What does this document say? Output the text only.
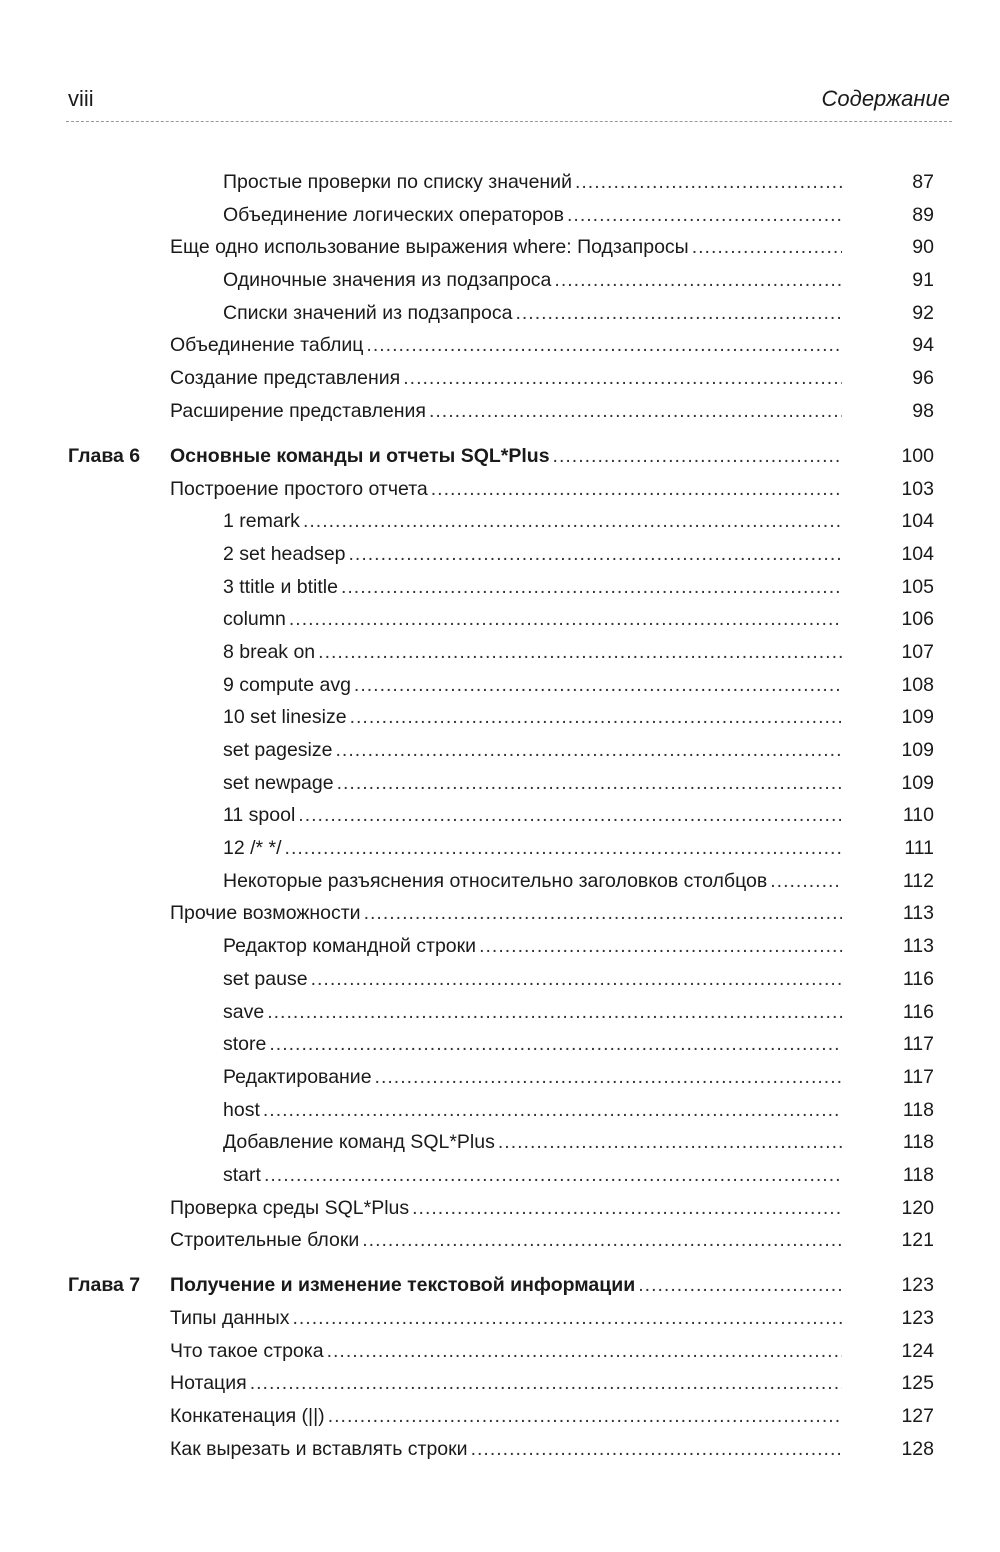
viii	Содержание
Простые проверки по списку значений .....	87
Объединение логических операторов .....	89
Еще одно использование выражения where: Подзапросы .....	90
Одиночные значения из подзапроса .....	91
Списки значений из подзапроса .....	92
Объединение таблиц .....	94
Создание представления .....	96
Расширение представления .....	98
Глава 6 Основные команды и отчеты SQL*Plus .....	100
Построение простого отчета .....	103
1 remark .....	104
2 set headsep .....	104
3 ttitle и btitle .....	105
column .....	106
8 break on .....	107
9 compute avg .....	108
10 set linesize .....	109
set pagesize .....	109
set newpage .....	109
11 spool .....	110
12 /* */ .....	111
Некоторые разъяснения относительно заголовков столбцов .....	112
Прочие возможности .....	113
Редактор командной строки .....	113
set pause .....	116
save .....	116
store .....	117
Редактирование .....	117
host .....	118
Добавление команд SQL*Plus .....	118
start .....	118
Проверка среды SQL*Plus .....	120
Строительные блоки .....	121
Глава 7 Получение и изменение текстовой информации .....	123
Типы данных .....	123
Что такое строка .....	124
Нотация .....	125
Конкатенация (||) .....	127
Как вырезать и вставлять строки .....	128
